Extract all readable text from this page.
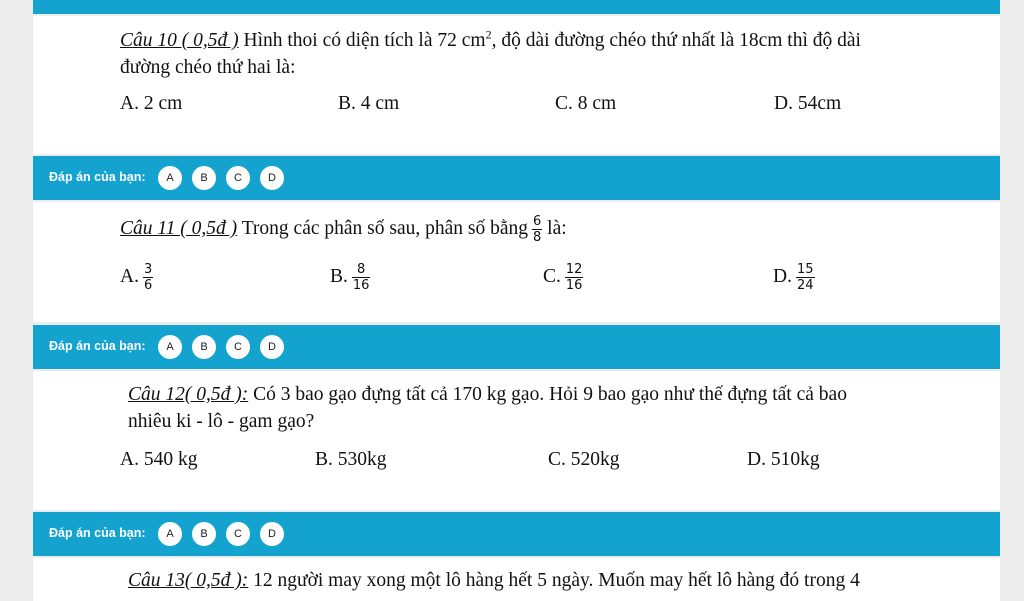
Câu 10 ( 0,5đ ) Hình thoi có diện tích là 72 $cm^2$, độ dài đường chéo thứ nhất là 18cm thì độ dài
đường chéo thứ hai là:
A. 2 cm	B. 4 cm	C. 8 cm	D. 54cm
Đáp án của bạn:	A	B	C	D
Câu 11 ( 0,5đ ) Trong các phân số sau, phân số bằng $\frac{6}{8}$ là:
A. $\frac{3}{6}$	B. $\frac{8}{16}$	C. $\frac{12}{16}$	D. $\frac{15}{24}$
Đáp án của bạn:	A	B	C	D
Câu 12( 0,5đ ): Có 3 bao gạo đựng tất cả 170 kg gạo. Hỏi 9 bao gạo như thế đựng tất cả bao
nhiêu ki - lô - gam gạo?
A. 540 kg	B. 530kg	C. 520kg	D. 510kg
Đáp án của bạn:	A	B	C	D
Câu 13( 0,5đ ): 12 người may xong một lô hàng hết 5 ngày. Muốn may hết lô hàng đó trong 4
